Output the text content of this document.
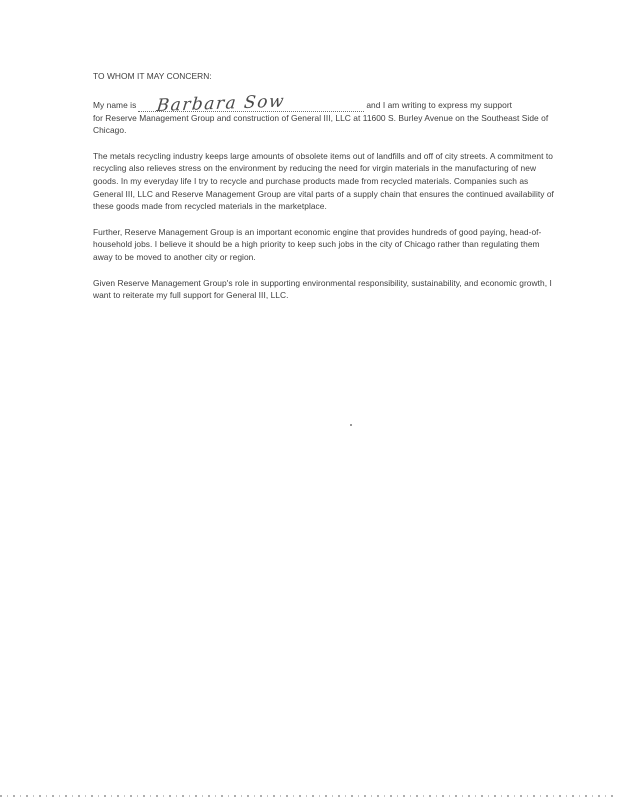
TO WHOM IT MAY CONCERN:

My name is Barbara Sow	and I am writing to express my support
for Reserve Management Group and construction of General III, LLC at 11600 S. Burley Avenue on the Southeast Side of Chicago.

The metals recycling industry keeps large amounts of obsolete items out of landfills and off of city streets. A commitment to recycling also relieves stress on the environment by reducing the need for virgin materials in the manufacturing of new goods. In my everyday life I try to recycle and purchase products made from recycled materials. Companies such as General III, LLC and Reserve Management Group are vital parts of a supply chain that ensures the continued availability of these goods made from recycled materials in the marketplace.

Further, Reserve Management Group is an important economic engine that provides hundreds of good paying, head-of-household jobs. I believe it should be a high priority to keep such jobs in the city of Chicago rather than regulating them away to be moved to another city or region.

Given Reserve Management Group's role in supporting environmental responsibility, sustainability, and economic growth, I want to reiterate my full support for General III, LLC.
